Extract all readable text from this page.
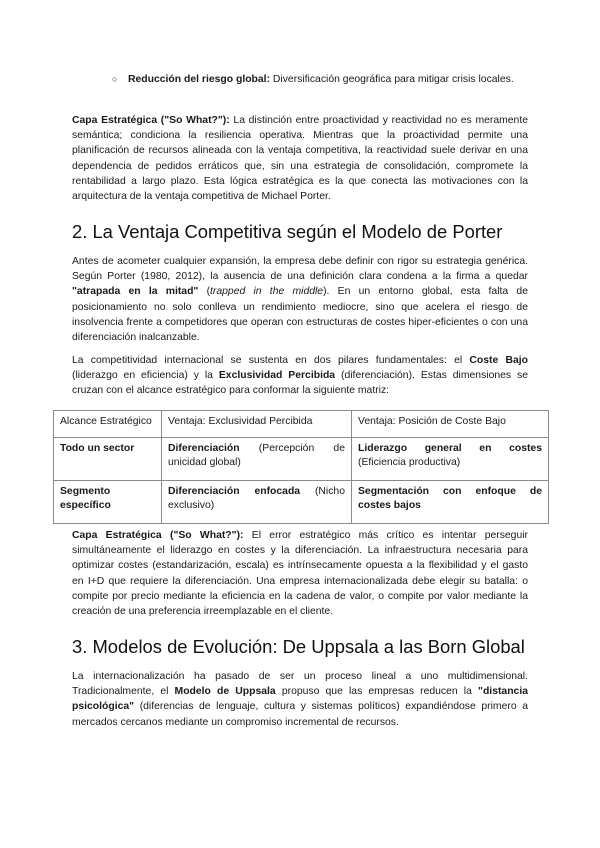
○ Reducción del riesgo global: Diversificación geográfica para mitigar crisis locales.

Capa Estratégica ("So What?"): La distinción entre proactividad y reactividad no es meramente semántica; condiciona la resiliencia operativa. Mientras que la proactividad permite una planificación de recursos alineada con la ventaja competitiva, la reactividad suele derivar en una dependencia de pedidos erráticos que, sin una estrategia de consolidación, compromete la rentabilidad a largo plazo. Esta lógica estratégica es la que conecta las motivaciones con la arquitectura de la ventaja competitiva de Michael Porter.

2. La Ventaja Competitiva según el Modelo de Porter

Antes de acometer cualquier expansión, la empresa debe definir con rigor su estrategia genérica. Según Porter (1980, 2012), la ausencia de una definición clara condena a la firma a quedar "atrapada en la mitad" (trapped in the middle). En un entorno global, esta falta de posicionamiento no solo conlleva un rendimiento mediocre, sino que acelera el riesgo de insolvencia frente a competidores que operan con estructuras de costes hiper-eficientes o con una diferenciación inalcanzable.

La competitividad internacional se sustenta en dos pilares fundamentales: el Coste Bajo (liderazgo en eficiencia) y la Exclusividad Percibida (diferenciación). Estas dimensiones se cruzan con el alcance estratégico para conformar la siguiente matriz:

Alcance Estratégico	Ventaja: Exclusividad Percibida	Ventaja: Posición de Coste Bajo
Todo un sector	Diferenciación (Percepción de unicidad global)	Liderazgo general en costes (Eficiencia productiva)
Segmento específico	Diferenciación enfocada (Nicho exclusivo)	Segmentación con enfoque de costes bajos

Capa Estratégica ("So What?"): El error estratégico más crítico es intentar perseguir simultáneamente el liderazgo en costes y la diferenciación. La infraestructura necesaria para optimizar costes (estandarización, escala) es intrínsecamente opuesta a la flexibilidad y el gasto en I+D que requiere la diferenciación. Una empresa internacionalizada debe elegir su batalla: o compite por precio mediante la eficiencia en la cadena de valor, o compite por valor mediante la creación de una preferencia irreemplazable en el cliente.

3. Modelos de Evolución: De Uppsala a las Born Global

La internacionalización ha pasado de ser un proceso lineal a uno multidimensional. Tradicionalmente, el Modelo de Uppsala propuso que las empresas reducen la "distancia psicológica" (diferencias de lenguaje, cultura y sistemas políticos) expandiéndose primero a mercados cercanos mediante un compromiso incremental de recursos.
